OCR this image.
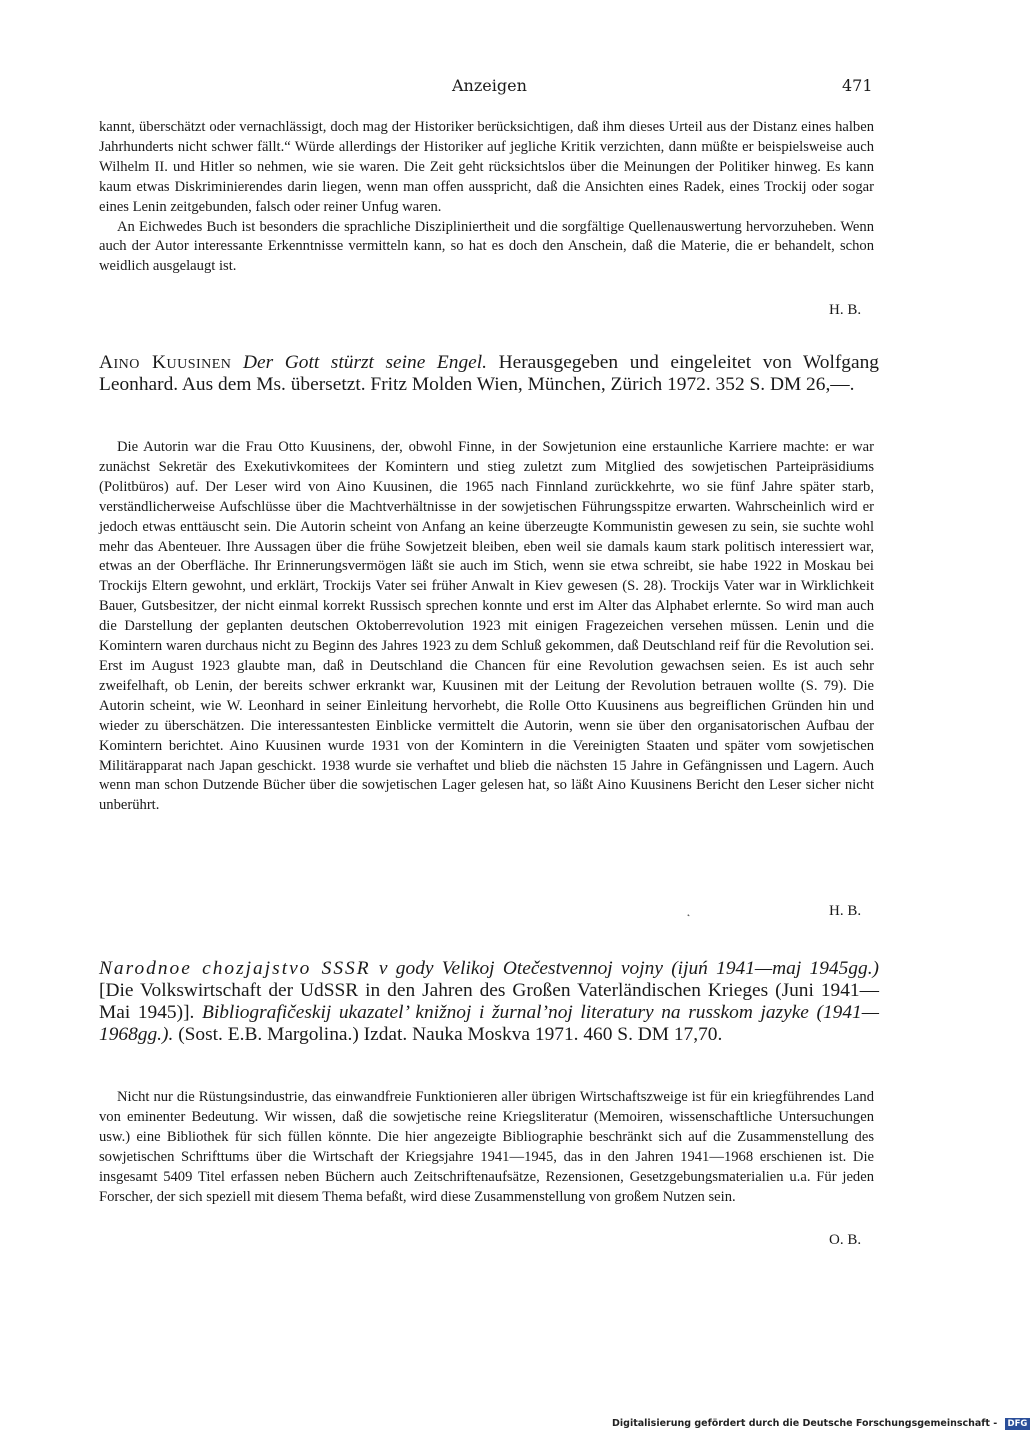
Anzeigen	471

kannt, überschätzt oder vernachlässigt, doch mag der Historiker berücksichtigen, daß ihm dieses Urteil aus der Distanz eines halben Jahrhunderts nicht schwer fällt.“ Würde allerdings der Historiker auf jegliche Kritik verzichten, dann müßte er beispielsweise auch Wilhelm II. und Hitler so nehmen, wie sie waren. Die Zeit geht rücksichtslos über die Meinungen der Politiker hinweg. Es kann kaum etwas Diskriminierendes darin liegen, wenn man offen ausspricht, daß die Ansichten eines Radek, eines Trockij oder sogar eines Lenin zeitgebunden, falsch oder reiner Unfug waren.

An Eichwedes Buch ist besonders die sprachliche Diszipliniertheit und die sorgfältige Quellenauswertung hervorzuheben. Wenn auch der Autor interessante Erkenntnisse vermitteln kann, so hat es doch den Anschein, daß die Materie, die er behandelt, schon weidlich ausgelaugt ist.

H. B.
Aino Kuusinen Der Gott stürzt seine Engel. Herausgegeben und eingeleitet von Wolfgang Leonhard. Aus dem Ms. übersetzt. Fritz Molden Wien, München, Zürich 1972. 352 S. DM 26,—.

Die Autorin war die Frau Otto Kuusinens, der, obwohl Finne, in der Sowjetunion eine erstaunliche Karriere machte: er war zunächst Sekretär des Exekutivkomitees der Komintern und stieg zuletzt zum Mitglied des sowjetischen Parteipräsidiums (Politbüros) auf. Der Leser wird von Aino Kuusinen, die 1965 nach Finnland zurückkehrte, wo sie fünf Jahre später starb, verständlicherweise Aufschlüsse über die Machtverhältnisse in der sowjetischen Führungsspitze erwarten. Wahrscheinlich wird er jedoch etwas enttäuscht sein. Die Autorin scheint von Anfang an keine überzeugte Kommunistin gewesen zu sein, sie suchte wohl mehr das Abenteuer. Ihre Aussagen über die frühe Sowjetzeit bleiben, eben weil sie damals kaum stark politisch interessiert war, etwas an der Oberfläche. Ihr Erinnerungsvermögen läßt sie auch im Stich, wenn sie etwa schreibt, sie habe 1922 in Moskau bei Trockijs Eltern gewohnt, und erklärt, Trockijs Vater sei früher Anwalt in Kiev gewesen (S. 28). Trockijs Vater war in Wirklichkeit Bauer, Gutsbesitzer, der nicht einmal korrekt Russisch sprechen konnte und erst im Alter das Alphabet erlernte. So wird man auch die Darstellung der geplanten deutschen Oktoberrevolution 1923 mit einigen Fragezeichen versehen müssen. Lenin und die Komintern waren durchaus nicht zu Beginn des Jahres 1923 zu dem Schluß gekommen, daß Deutschland reif für die Revolution sei. Erst im August 1923 glaubte man, daß in Deutschland die Chancen für eine Revolution gewachsen seien. Es ist auch sehr zweifelhaft, ob Lenin, der bereits schwer erkrankt war, Kuusinen mit der Leitung der Revolution betrauen wollte (S. 79). Die Autorin scheint, wie W. Leonhard in seiner Einleitung hervorhebt, die Rolle Otto Kuusinens aus begreiflichen Gründen hin und wieder zu überschätzen. Die interessantesten Einblicke vermittelt die Autorin, wenn sie über den organisatorischen Aufbau der Komintern berichtet. Aino Kuusinen wurde 1931 von der Komintern in die Vereinigten Staaten und später vom sowjetischen Militärapparat nach Japan geschickt. 1938 wurde sie verhaftet und blieb die nächsten 15 Jahre in Gefängnissen und Lagern. Auch wenn man schon Dutzende Bücher über die sowjetischen Lager gelesen hat, so läßt Aino Kuusinens Bericht den Leser sicher nicht unberührt.

˛	H. B.
Narodnoe chozjajstvo SSSR v gody Velikoj Otečestvennoj vojny (ijuń 1941—maj 1945gg.) [Die Volkswirtschaft der UdSSR in den Jahren des Großen Vaterländischen Krieges (Juni 1941—Mai 1945)]. Bibliografičeskij ukazatel’ knižnoj i žurnal’noj literatury na russkom jazyke (1941—1968gg.). (Sost. E.B. Margolina.) Izdat. Nauka Moskva 1971. 460 S. DM 17,70.

Nicht nur die Rüstungsindustrie, das einwandfreie Funktionieren aller übrigen Wirtschaftszweige ist für ein kriegführendes Land von eminenter Bedeutung. Wir wissen, daß die sowjetische reine Kriegsliteratur (Memoiren, wissenschaftliche Untersuchungen usw.) eine Bibliothek für sich füllen könnte. Die hier angezeigte Bibliographie beschränkt sich auf die Zusammenstellung des sowjetischen Schrifttums über die Wirtschaft der Kriegsjahre 1941—1945, das in den Jahren 1941—1968 erschienen ist. Die insgesamt 5409 Titel erfassen neben Büchern auch Zeitschriftenaufsätze, Rezensionen, Gesetzgebungsmaterialien u.a. Für jeden Forscher, der sich speziell mit diesem Thema befaßt, wird diese Zusammenstellung von großem Nutzen sein.

O. B.
Digitalisierung gefördert durch die Deutsche Forschungsgemeinschaft - DFG
